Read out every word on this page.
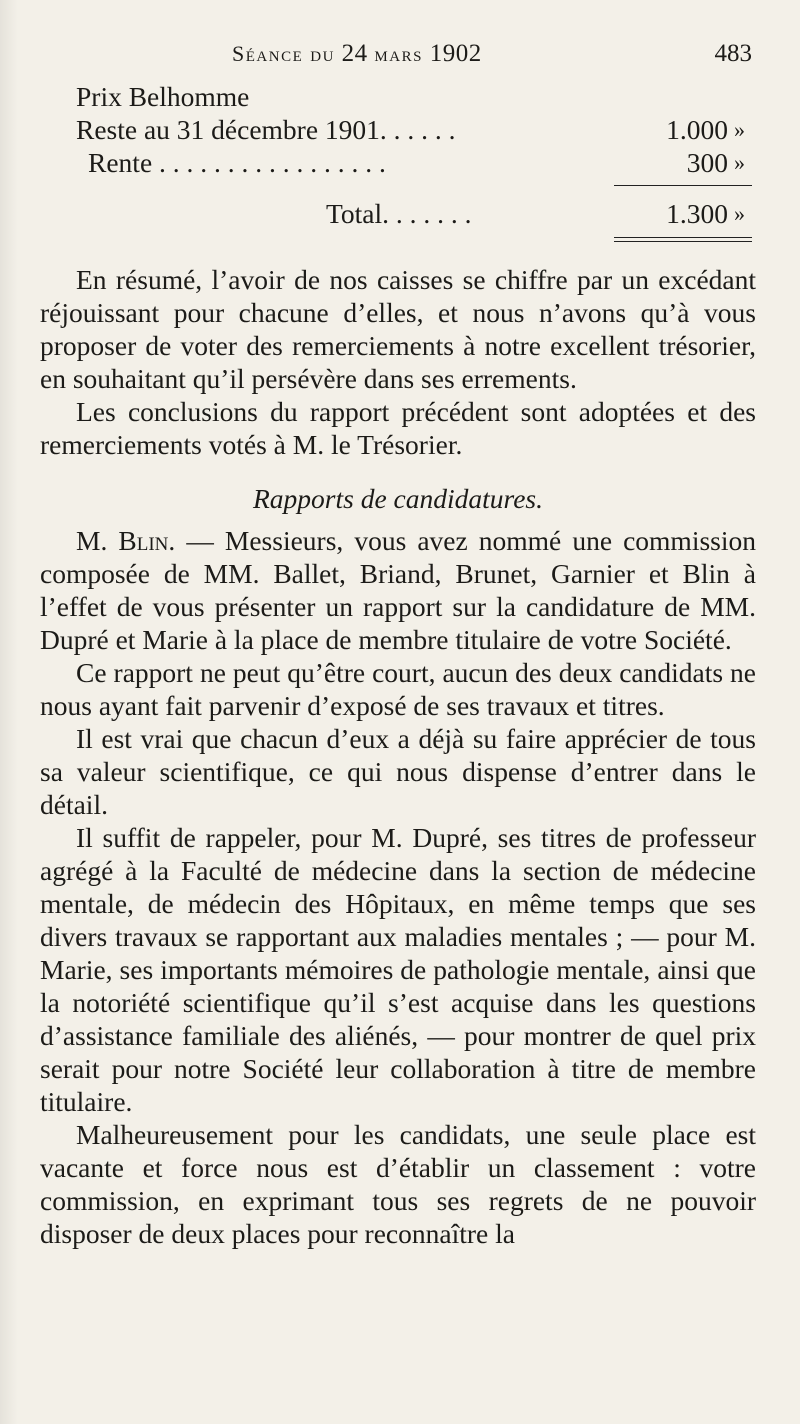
Séance du 24 mars 1902	483

Prix Belhomme

Reste au 31 décembre 1901. . . . . .	1.000 »
Rente . . . . . . . . . . . . . . . . .	300 »
Total. . . . . . .	1.300 »

En résumé, l’avoir de nos caisses se chiffre par un excédant réjouissant pour chacune d’elles, et nous n’avons qu’à vous proposer de voter des remerciements à notre excellent trésorier, en souhaitant qu’il persévère dans ses errements.

Les conclusions du rapport précédent sont adoptées et des remerciements votés à M. le Trésorier.

Rapports de candidatures.

M. Blin. — Messieurs, vous avez nommé une commission composée de MM. Ballet, Briand, Brunet, Garnier et Blin à l’effet de vous présenter un rapport sur la candidature de MM. Dupré et Marie à la place de membre titulaire de votre Société.

Ce rapport ne peut qu’être court, aucun des deux candidats ne nous ayant fait parvenir d’exposé de ses travaux et titres.

Il est vrai que chacun d’eux a déjà su faire apprécier de tous sa valeur scientifique, ce qui nous dispense d’entrer dans le détail.

Il suffit de rappeler, pour M. Dupré, ses titres de professeur agrégé à la Faculté de médecine dans la section de médecine mentale, de médecin des Hôpitaux, en même temps que ses divers travaux se rapportant aux maladies mentales ; — pour M. Marie, ses importants mémoires de pathologie mentale, ainsi que la notoriété scientifique qu’il s’est acquise dans les questions d’assistance familiale des aliénés, — pour montrer de quel prix serait pour notre Société leur collaboration à titre de membre titulaire.

Malheureusement pour les candidats, une seule place est vacante et force nous est d’établir un classement : votre commission, en exprimant tous ses regrets de ne pouvoir disposer de deux places pour reconnaître la
